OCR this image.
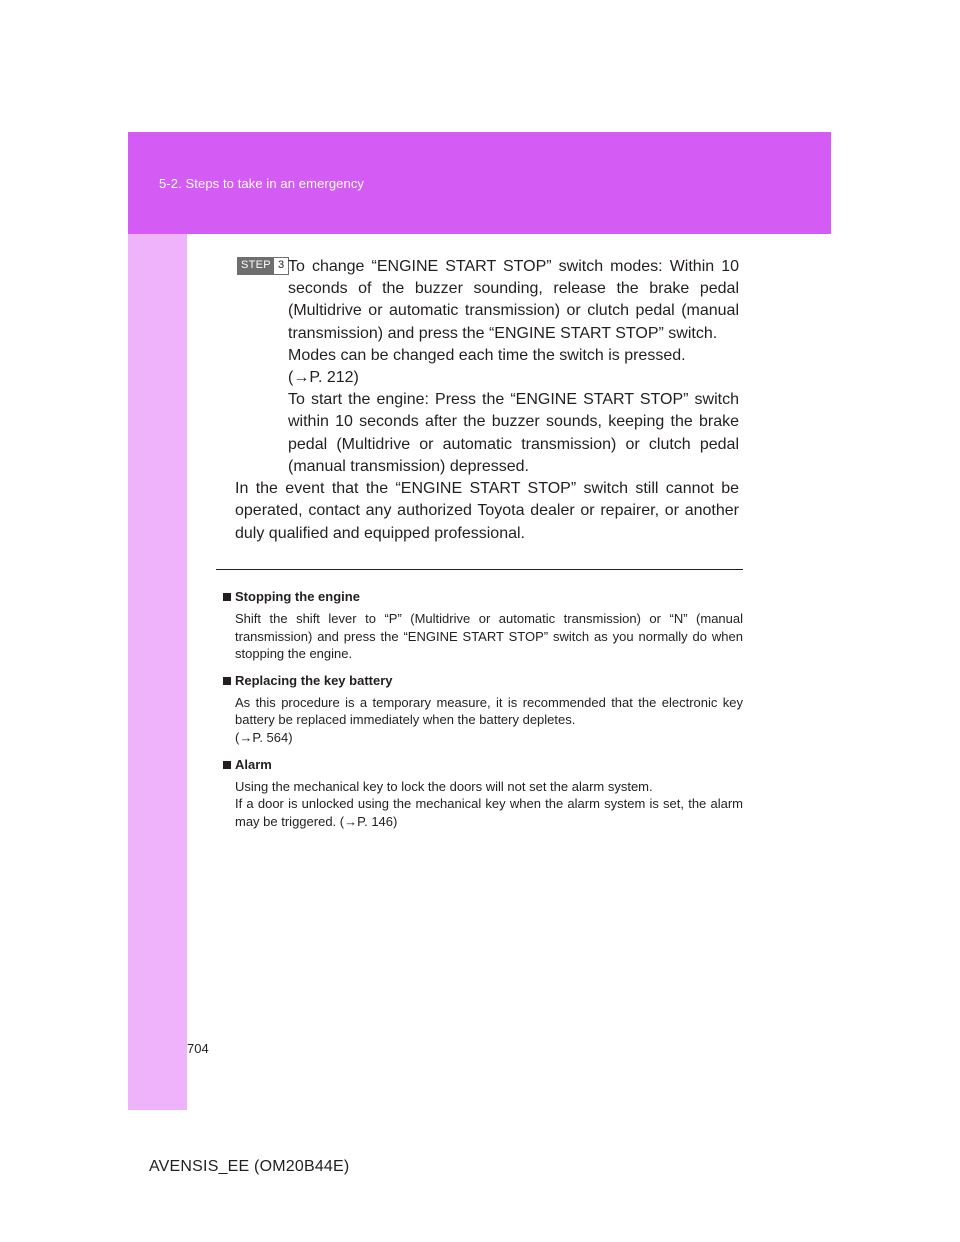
5-2. Steps to take in an emergency
STEP 3 To change “ENGINE START STOP” switch modes: Within 10 seconds of the buzzer sounding, release the brake pedal (Multidrive or automatic transmission) or clutch pedal (manual transmission) and press the “ENGINE START STOP” switch.

Modes can be changed each time the switch is pressed.

(→P. 212)

To start the engine: Press the “ENGINE START STOP” switch within 10 seconds after the buzzer sounds, keeping the brake pedal (Multidrive or automatic transmission) or clutch pedal (manual transmission) depressed.

In the event that the “ENGINE START STOP” switch still cannot be operated, contact any authorized Toyota dealer or repairer, or another duly qualified and equipped professional.
Stopping the engine
Shift the shift lever to “P” (Multidrive or automatic transmission) or “N” (manual transmission) and press the “ENGINE START STOP” switch as you normally do when stopping the engine.
Replacing the key battery
As this procedure is a temporary measure, it is recommended that the electronic key battery be replaced immediately when the battery depletes.
(→P. 564)
Alarm
Using the mechanical key to lock the doors will not set the alarm system.
If a door is unlocked using the mechanical key when the alarm system is set, the alarm may be triggered. (→P. 146)
704
AVENSIS_EE (OM20B44E)
